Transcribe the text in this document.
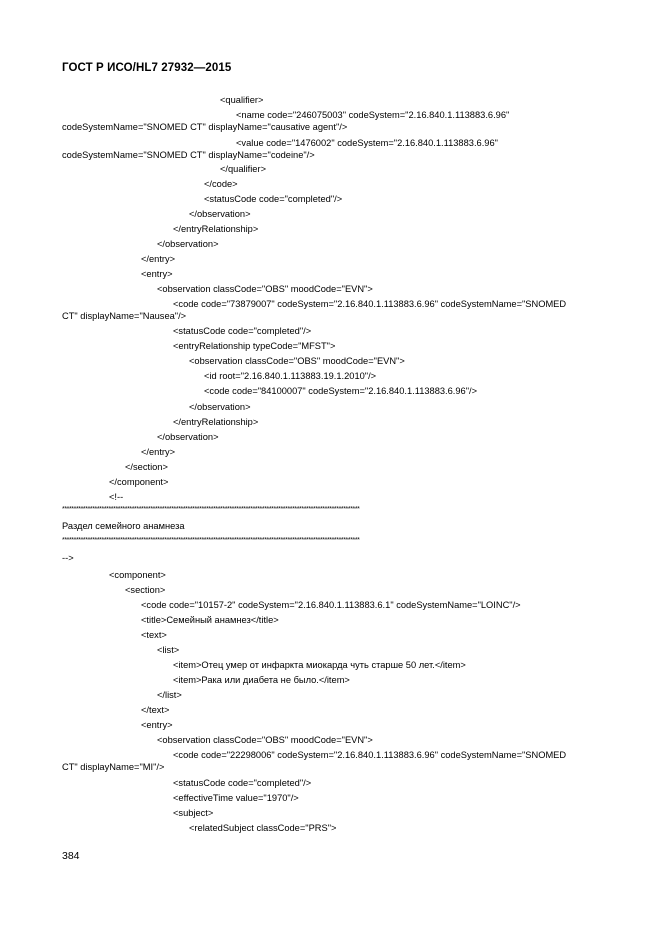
ГОСТ Р ИСО/HL7 27932—2015
<qualifier>
<name code="246075003" codeSystem="2.16.840.1.113883.6.96"
codeSystemName="SNOMED CT" displayName="causative agent"/>
<value code="1476002" codeSystem="2.16.840.1.113883.6.96"
codeSystemName="SNOMED CT" displayName="codeine"/>
</qualifier>
</code>
<statusCode code="completed"/>
</observation>
</entryRelationship>
</observation>
</entry>
<entry>
<observation classCode="OBS" moodCode="EVN">
<code code="73879007" codeSystem="2.16.840.1.113883.6.96" codeSystemName="SNOMED
CT" displayName="Nausea"/>
<statusCode code="completed"/>
<entryRelationship typeCode="MFST">
<observation classCode="OBS" moodCode="EVN">
<id root="2.16.840.1.113883.19.1.2010"/>
<code code="84100007" codeSystem="2.16.840.1.113883.6.96"/>
</observation>
</entryRelationship>
</observation>
</entry>
</section>
</component>
<!--
********************************************************************************************************************************
Раздел семейного анамнеза
********************************************************************************************************************************
-->
<component>
<section>
<code code="10157-2" codeSystem="2.16.840.1.113883.6.1" codeSystemName="LOINC"/>
<title>Семейный анамнез</title>
<text>
<list>
<item>Отец умер от инфаркта миокарда чуть старше 50 лет.</item>
<item>Рака или диабета не было.</item>
</list>
</text>
<entry>
<observation classCode="OBS" moodCode="EVN">
<code code="22298006" codeSystem="2.16.840.1.113883.6.96" codeSystemName="SNOMED
CT" displayName="MI"/>
<statusCode code="completed"/>
<effectiveTime value="1970"/>
<subject>
<relatedSubject classCode="PRS">
384
